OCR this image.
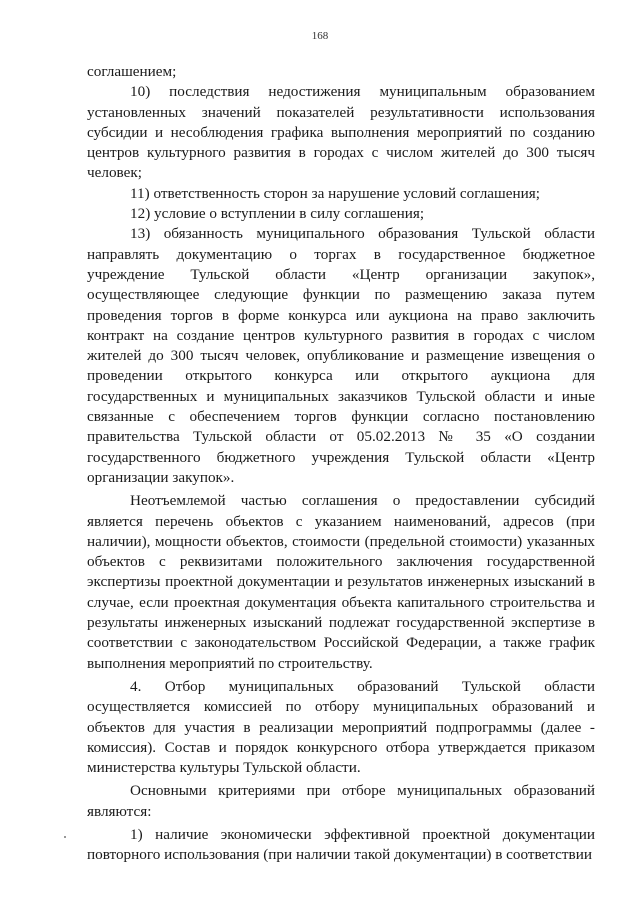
168

соглашением;

10) последствия недостижения муниципальным образованием установленных значений показателей результативности использования субсидии и несоблюдения графика выполнения мероприятий по созданию центров культурного развития в городах с числом жителей до 300 тысяч человек;

11) ответственность сторон за нарушение условий соглашения;

12) условие о вступлении в силу соглашения;

13) обязанность муниципального образования Тульской области направлять документацию о торгах в государственное бюджетное учреждение Тульской области «Центр организации закупок», осуществляющее следующие функции по размещению заказа путем проведения торгов в форме конкурса или аукциона на право заключить контракт на создание центров культурного развития в городах с числом жителей до 300 тысяч человек, опубликование и размещение извещения о проведении открытого конкурса или открытого аукциона для государственных и муниципальных заказчиков Тульской области и иные связанные с обеспечением торгов функции согласно постановлению правительства Тульской области от 05.02.2013 № 35 «О создании государственного бюджетного учреждения Тульской области «Центр организации закупок».

Неотъемлемой частью соглашения о предоставлении субсидий является перечень объектов с указанием наименований, адресов (при наличии), мощности объектов, стоимости (предельной стоимости) указанных объектов с реквизитами положительного заключения государственной экспертизы проектной документации и результатов инженерных изысканий в случае, если проектная документация объекта капитального строительства и результаты инженерных изысканий подлежат государственной экспертизе в соответствии с законодательством Российской Федерации, а также график выполнения мероприятий по строительству.

4. Отбор муниципальных образований Тульской области осуществляется комиссией по отбору муниципальных образований и объектов для участия в реализации мероприятий подпрограммы (далее - комиссия). Состав и порядок конкурсного отбора утверждается приказом министерства культуры Тульской области.

Основными критериями при отборе муниципальных образований являются:

1) наличие экономически эффективной проектной документации повторного использования (при наличии такой документации) в соответствии
